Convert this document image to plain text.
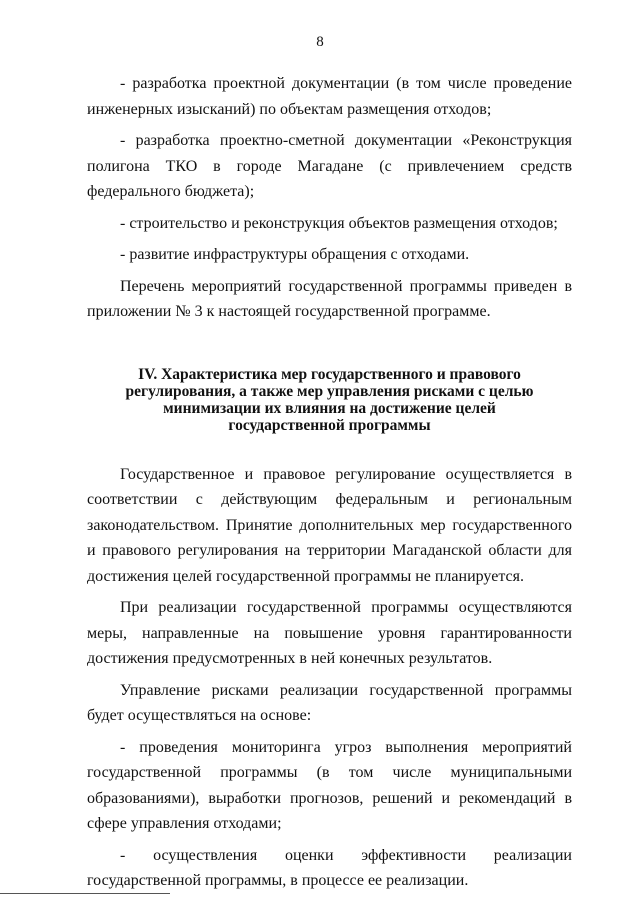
8

- разработка проектной документации (в том числе проведение инженерных изысканий) по объектам размещения отходов;

- разработка проектно-сметной документации «Реконструкция полигона ТКО в городе Магадане (с привлечением средств федерального бюджета);

- строительство и реконструкция объектов размещения отходов;

- развитие инфраструктуры обращения с отходами.

Перечень мероприятий государственной программы приведен в приложении № 3 к настоящей государственной программе.

IV. Характеристика мер государственного и правового
регулирования, а также мер управления рисками с целью
минимизации их влияния на достижение целей
государственной программы

Государственное и правовое регулирование осуществляется в соответствии с действующим федеральным и региональным законодательством. Принятие дополнительных мер государственного и правового регулирования на территории Магаданской области для достижения целей государственной программы не планируется.

При реализации государственной программы осуществляются меры, направленные на повышение уровня гарантированности достижения предусмотренных в ней конечных результатов.

Управление рисками реализации государственной программы будет осуществляться на основе:

- проведения мониторинга угроз выполнения мероприятий государственной программы (в том числе муниципальными образованиями), выработки прогнозов, решений и рекомендаций в сфере управления отходами;

- осуществления оценки эффективности реализации государственной программы, в процессе ее реализации.
